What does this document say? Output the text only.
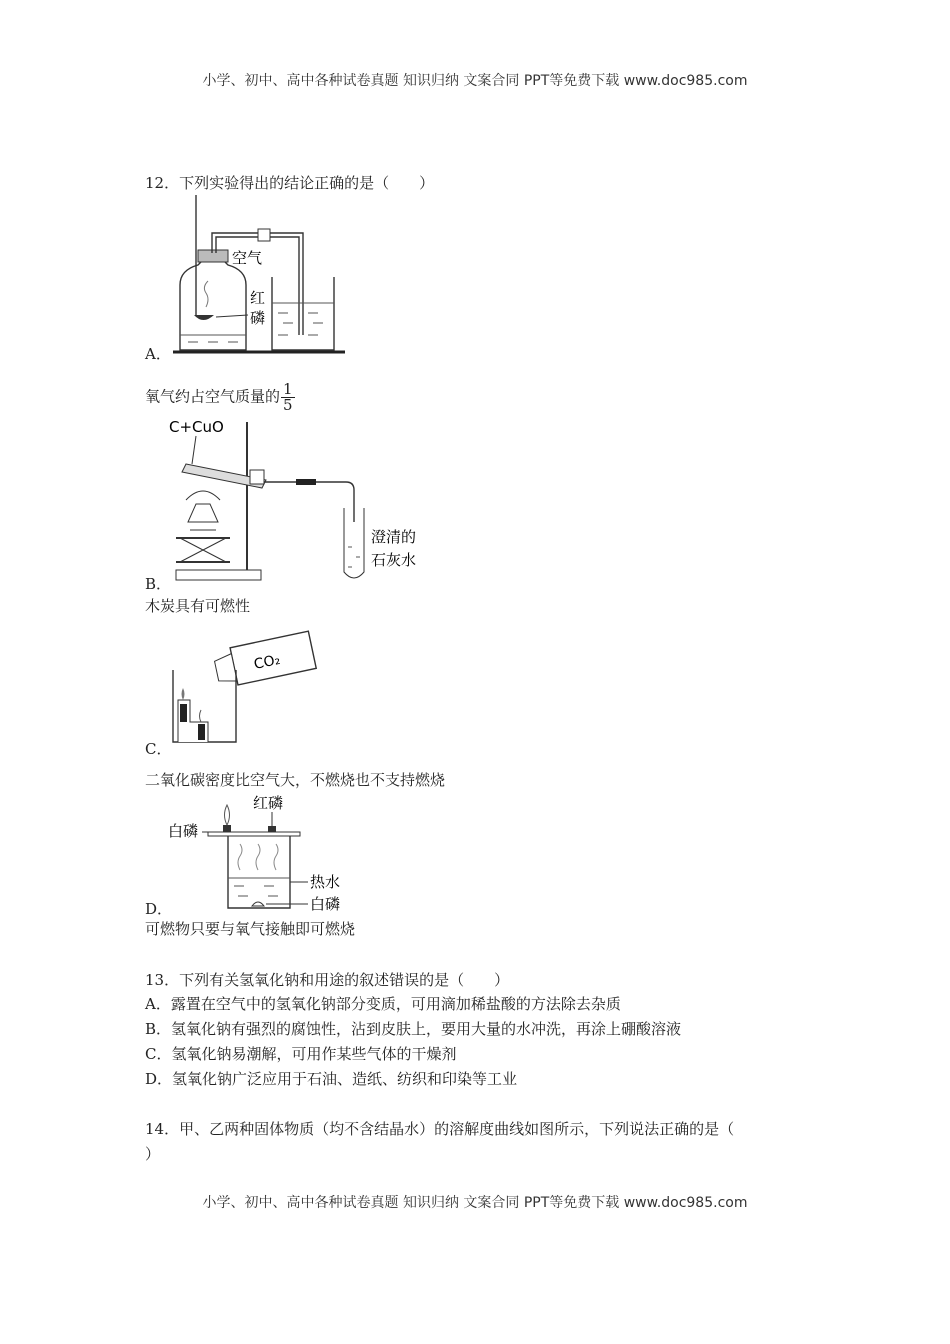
小学、初中、高中各种试卷真题 知识归纳 文案合同 PPT等免费下载 www.doc985.com
12．下列实验得出的结论正确的是（　　）
空气
红
磷
A．
氧气约占空气质量的 $\frac{1}{5}$
C+CuO
澄清的
石灰水
B．
木炭具有可燃性
CO₂
C．
二氧化碳密度比空气大，不燃烧也不支持燃烧
红磷
白磷
热水
白磷
D．
可燃物只要与氧气接触即可燃烧
13．下列有关氢氧化钠和用途的叙述错误的是（　　）
A．露置在空气中的氢氧化钠部分变质，可用滴加稀盐酸的方法除去杂质
B．氢氧化钠有强烈的腐蚀性，沾到皮肤上，要用大量的水冲洗，再涂上硼酸溶液
C．氢氧化钠易潮解，可用作某些气体的干燥剂
D．氢氧化钠广泛应用于石油、造纸、纺织和印染等工业
14．甲、乙两种固体物质（均不含结晶水）的溶解度曲线如图所示，下列说法正确的是（
）
小学、初中、高中各种试卷真题 知识归纳 文案合同 PPT等免费下载 www.doc985.com
